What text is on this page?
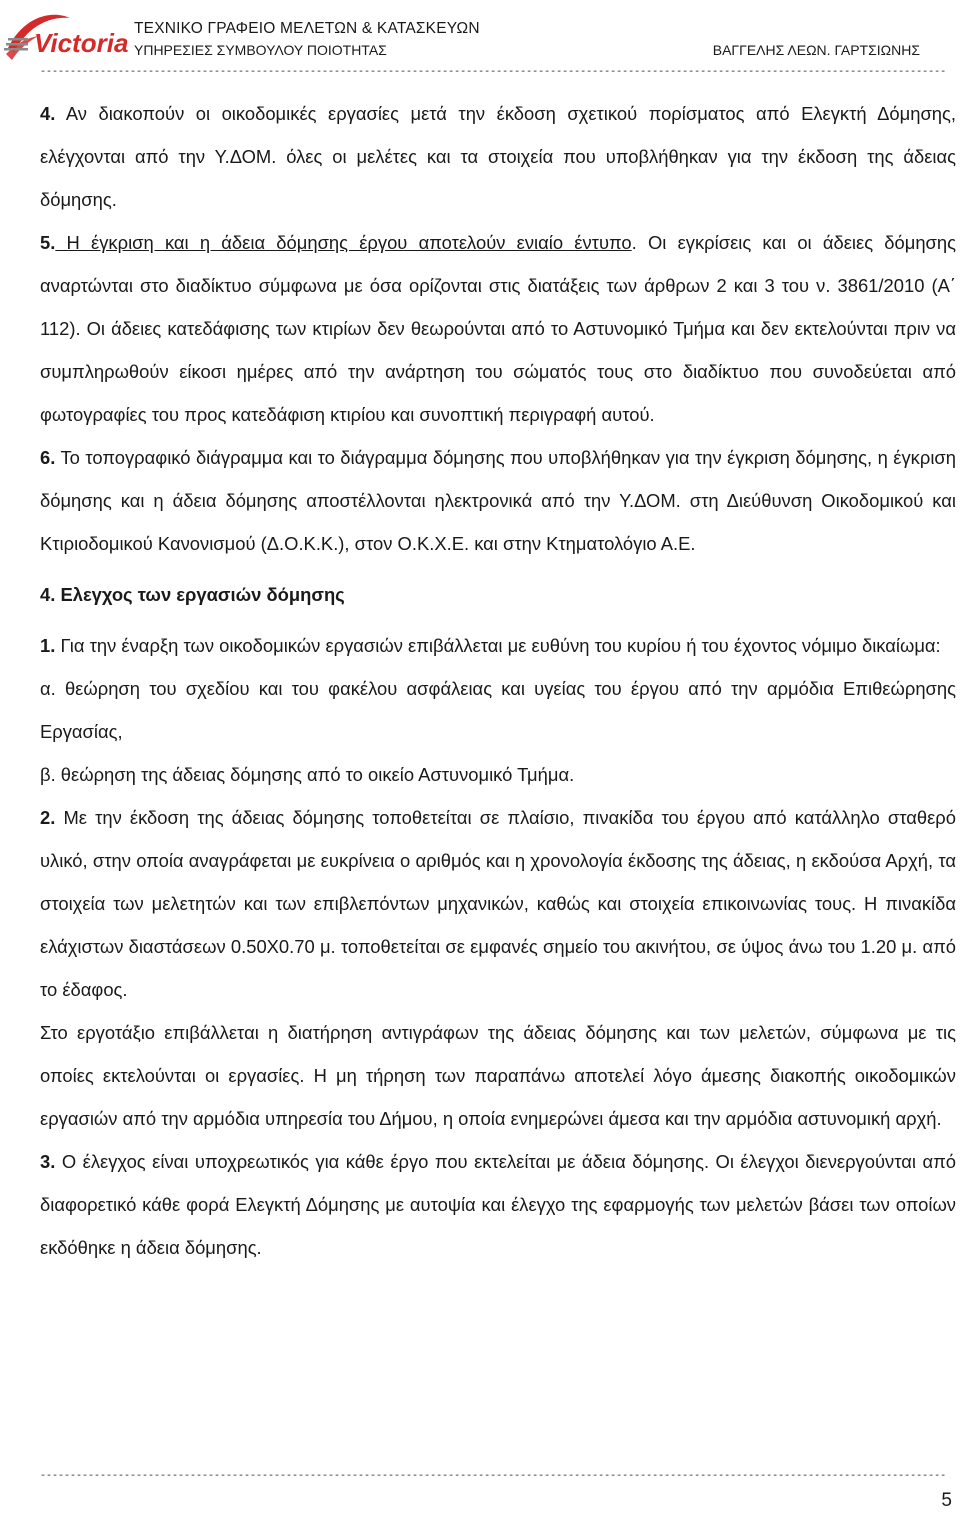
Victoria ΤΕΧΝΙΚΟ ΓΡΑΦΕΙΟ ΜΕΛΕΤΩΝ & ΚΑΤΑΣΚΕΥΩΝ
ΥΠΗΡΕΣΙΕΣ ΣΥΜΒΟΥΛΟΥ ΠΟΙΟΤΗΤΑΣ	ΒΑΓΓΕΛΗΣ ΛΕΩΝ. ΓΑΡΤΣΙΩΝΗΣ
-------------------------------------------------------------------------------------------------------------------------------------------------------

4. Αν διακοπούν οι οικοδομικές εργασίες μετά την έκδοση σχετικού πορίσματος από Ελεγκτή Δόμησης, ελέγχονται από την Υ.ΔΟΜ. όλες οι μελέτες και τα στοιχεία που υποβλήθηκαν για την έκδοση της άδειας δόμησης.

5. Η έγκριση και η άδεια δόμησης έργου αποτελούν ενιαίο έντυπο. Οι εγκρίσεις και οι άδειες δόμησης αναρτώνται στο διαδίκτυο σύμφωνα με όσα ορίζονται στις διατάξεις των άρθρων 2 και 3 του ν. 3861/2010 (Α΄ 112). Οι άδειες κατεδάφισης των κτιρίων δεν θεωρούνται από το Αστυνομικό Τμήμα και δεν εκτελούνται πριν να συμπληρωθούν είκοσι ημέρες από την ανάρτηση του σώματός τους στο διαδίκτυο που συνοδεύεται από φωτογραφίες του προς κατεδάφιση κτιρίου και συνοπτική περιγραφή αυτού.

6. Το τοπογραφικό διάγραμμα και το διάγραμμα δόμησης που υποβλήθηκαν για την έγκριση δόμησης, η έγκριση δόμησης και η άδεια δόμησης αποστέλλονται ηλεκτρονικά από την Υ.ΔΟΜ. στη Διεύθυνση Οικοδομικού και Κτιριοδομικού Κανονισμού (Δ.Ο.Κ.Κ.), στον Ο.Κ.Χ.Ε. και στην Κτηματολόγιο Α.Ε.

4. Ελεγχος των εργασιών δόμησης

1. Για την έναρξη των οικοδομικών εργασιών επιβάλλεται με ευθύνη του κυρίου ή του έχοντος νόμιμο δικαίωμα:

α. θεώρηση του σχεδίου και του φακέλου ασφάλειας και υγείας του έργου από την αρμόδια Επιθεώρησης Εργασίας,

β. θεώρηση της άδειας δόμησης από το οικείο Αστυνομικό Τμήμα.

2. Με την έκδοση της άδειας δόμησης τοποθετείται σε πλαίσιο, πινακίδα του έργου από κατάλληλο σταθερό υλικό, στην οποία αναγράφεται με ευκρίνεια ο αριθμός και η χρονολογία έκδοσης της άδειας, η εκδούσα Αρχή, τα στοιχεία των μελετητών και των επιβλεπόντων μηχανικών, καθώς και στοιχεία επικοινωνίας τους. Η πινακίδα ελάχιστων διαστάσεων 0.50Χ0.70 μ. τοποθετείται σε εμφανές σημείο του ακινήτου, σε ύψος άνω του 1.20 μ. από το έδαφος.

Στο εργοτάξιο επιβάλλεται η διατήρηση αντιγράφων της άδειας δόμησης και των μελετών, σύμφωνα με τις οποίες εκτελούνται οι εργασίες. Η μη τήρηση των παραπάνω αποτελεί λόγο άμεσης διακοπής οικοδομικών εργασιών από την αρμόδια υπηρεσία του Δήμου, η οποία ενημερώνει άμεσα και την αρμόδια αστυνομική αρχή.

3. Ο έλεγχος είναι υποχρεωτικός για κάθε έργο που εκτελείται με άδεια δόμησης. Οι έλεγχοι διενεργούνται από διαφορετικό κάθε φορά Ελεγκτή Δόμησης με αυτοψία και έλεγχο της εφαρμογής των μελετών βάσει των οποίων εκδόθηκε η άδεια δόμησης.

-------------------------------------------------------------------------------------------------------------------------------------------------------
5
